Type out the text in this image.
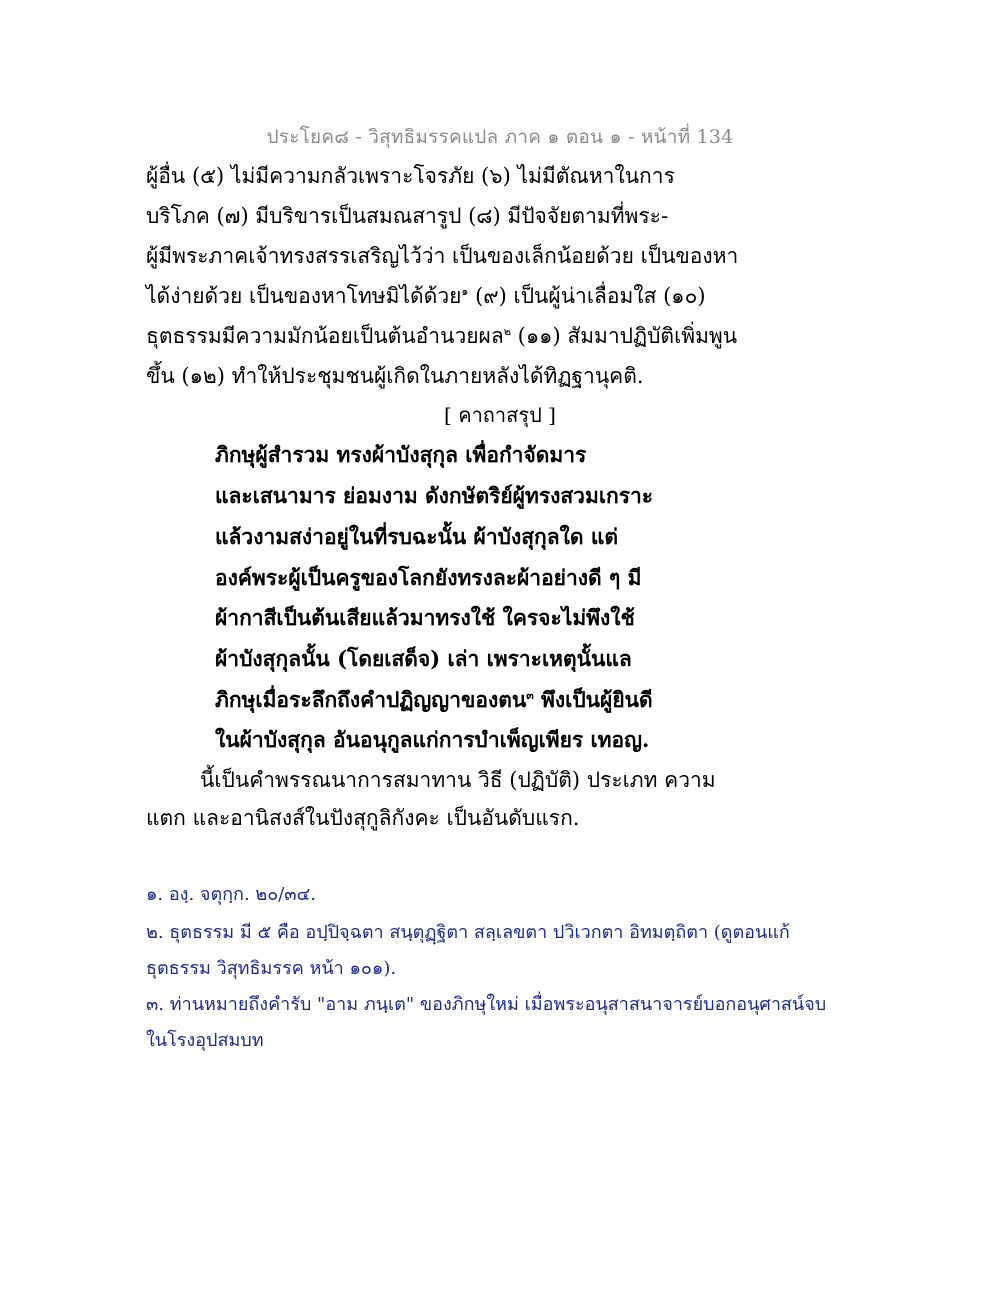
ประโยค๘ - วิสุทธิมรรคแปล ภาค ๑ ตอน ๑ - หน้าที่ 134
ผู้อื่น (๕) ไม่มีความกลัวเพราะโจรภัย (๖) ไม่มีตัณหาในการ
บริโภค (๗) มีบริขารเป็นสมณสารูป (๘) มีปัจจัยตามที่พระ-
ผู้มีพระภาคเจ้าทรงสรรเสริญไว้ว่า เป็นของเล็กน้อยด้วย เป็นของหา
ได้ง่ายด้วย เป็นของหาโทษมิได้ด้วย$^๑$ (๙) เป็นผู้น่าเลื่อมใส (๑๐)
ธุตธรรมมีความมักน้อยเป็นต้นอำนวยผล$^๒$ (๑๑) สัมมาปฏิบัติเพิ่มพูน
ขึ้น (๑๒) ทำให้ประชุมชนผู้เกิดในภายหลังได้ทิฏฐานุคติ.
[ คาถาสรุป ]
ภิกษุผู้สำรวม ทรงผ้าบังสุกุล เพื่อกำจัดมาร
และเสนามาร ย่อมงาม ดังกษัตริย์ผู้ทรงสวมเกราะ
แล้วงามสง่าอยู่ในที่รบฉะนั้น ผ้าบังสุกุลใด แต่
องค์พระผู้เป็นครูของโลกยังทรงละผ้าอย่างดี ๆ มี
ผ้ากาสีเป็นต้นเสียแล้วมาทรงใช้ ใครจะไม่พึงใช้
ผ้าบังสุกุลนั้น (โดยเสด็จ) เล่า เพราะเหตุนั้นแล
ภิกษุเมื่อระลึกถึงคำปฏิญญาของตน$^๓$ พึงเป็นผู้ยินดี
ในผ้าบังสุกุล อันอนุกูลแก่การบำเพ็ญเพียร เทอญ.
นี้เป็นคำพรรณนาการสมาทาน วิธี (ปฏิบัติ) ประเภท ความ
แตก และอานิสงส์ในปังสุกูลิกังคะ เป็นอันดับแรก.
๑. องฺ. จตุกฺก. ๒๐/๓๔.
๒. ธุตธรรม มี ๕ คือ อปฺปิจฺฉตา สนฺตุฏฺฐิตา สลฺเลขตา ปวิเวกตา อิทมตฺถิตา (ดูตอนแก้
ธุตธรรม วิสุทธิมรรค หน้า ๑๐๑).
๓. ท่านหมายถึงคำรับ "อาม ภนฺเต" ของภิกษุใหม่ เมื่อพระอนุสาสนาจารย์บอกอนุศาสน์จบ
ในโรงอุปสมบท
